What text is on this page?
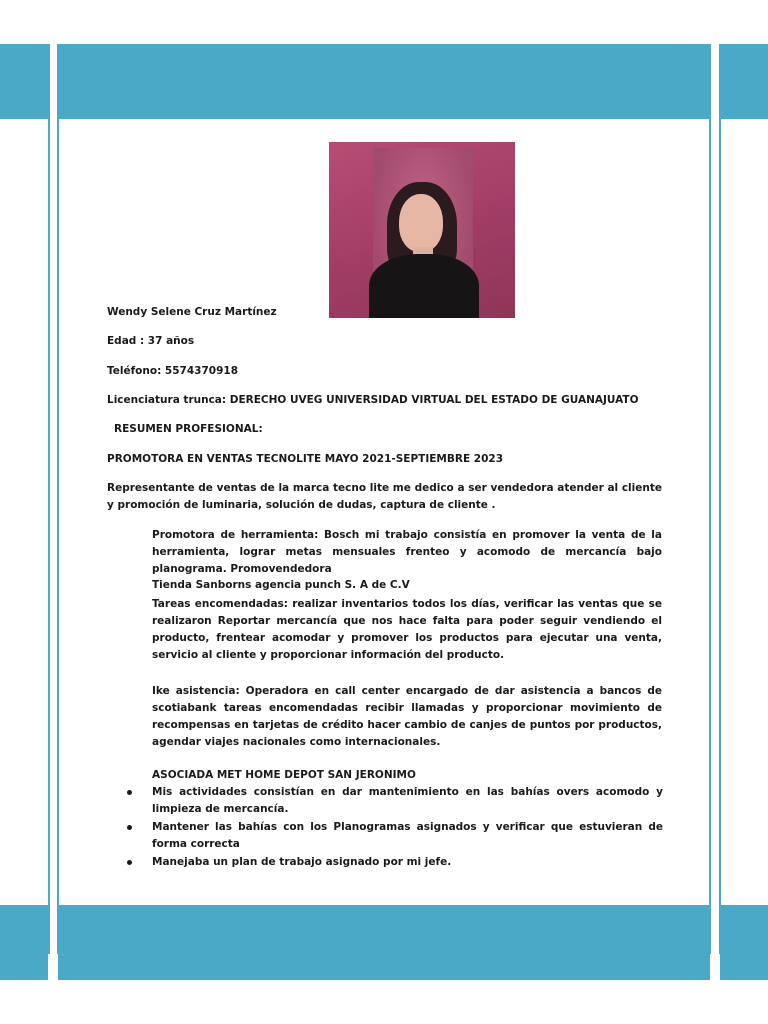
Wendy Selene Cruz Martínez
Edad : 37 años
Teléfono: 5574370918
Licenciatura trunca: DERECHO UVEG UNIVERSIDAD VIRTUAL DEL ESTADO DE GUANAJUATO
RESUMEN PROFESIONAL:
PROMOTORA EN VENTAS TECNOLITE MAYO 2021-SEPTIEMBRE 2023
Representante de ventas de la marca tecno lite me dedico a ser vendedora atender al cliente y promoción de luminaria, solución de dudas, captura de cliente .
Promotora de herramienta: Bosch mi trabajo consistía en promover la venta de la herramienta, lograr metas mensuales frenteo y acomodo de mercancía bajo planograma. Promovendedora
Tienda Sanborns agencia punch S. A de C.V
Tareas encomendadas: realizar inventarios todos los días, verificar las ventas que se realizaron Reportar mercancía que nos hace falta para poder seguir vendiendo el producto, frentear acomodar y promover los productos para ejecutar una venta, servicio al cliente y proporcionar información del producto.
Ike asistencia: Operadora en call center encargado de dar asistencia a bancos de scotiabank tareas encomendadas recibir llamadas y proporcionar movimiento de recompensas en tarjetas de crédito hacer cambio de canjes de puntos por productos, agendar viajes nacionales como internacionales.
ASOCIADA MET HOME DEPOT SAN JERONIMO
Mis actividades consistían en dar mantenimiento en las bahías overs acomodo y limpieza de mercancía.
Mantener las bahías con los Planogramas asignados y verificar que estuvieran de forma correcta
Manejaba un plan de trabajo asignado por mi jefe.
